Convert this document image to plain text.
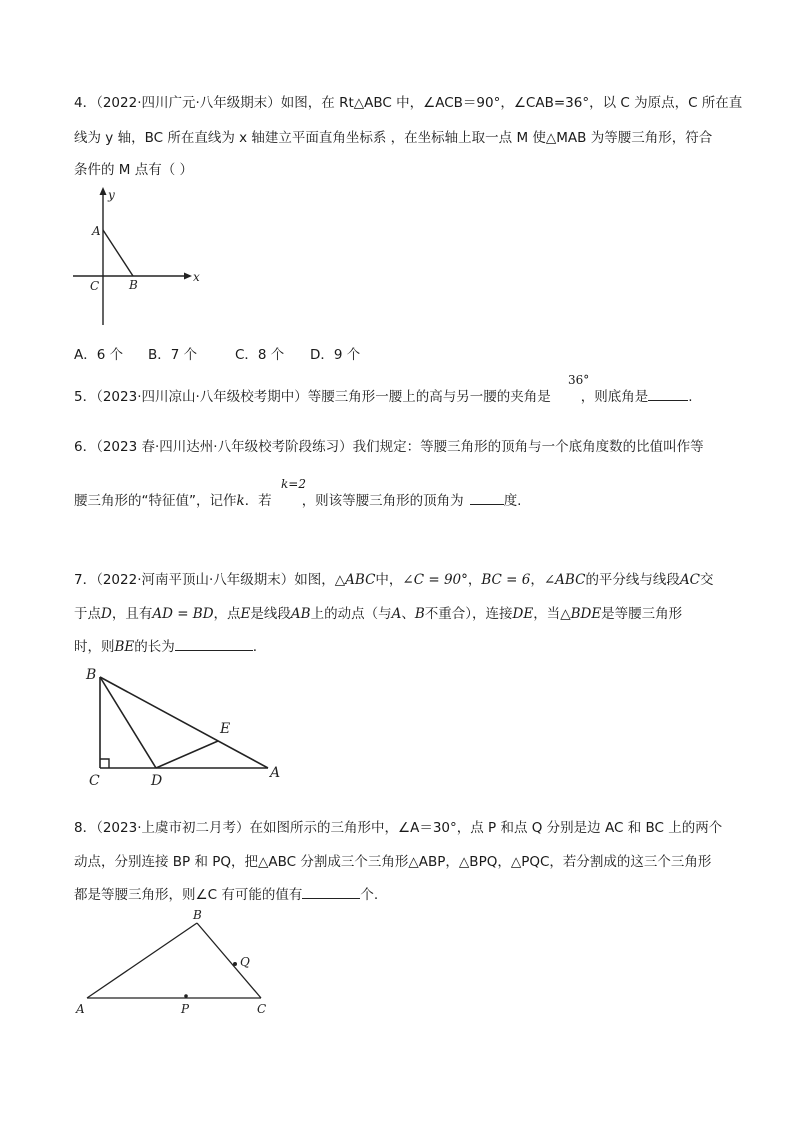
4．（2022·四川广元·八年级期末）如图，在 Rt△ABC 中，∠ACB＝90°，∠CAB=36°，以 C 为原点，C 所在直
线为 y 轴，BC 所在直线为 x 轴建立平面直角坐标系 ，在坐标轴上取一点 M 使△MAB 为等腰三角形，符合
条件的 M 点有（ ）
y
x
A
C B
A．6 个 B．7 个	C．8 个 D．9 个
36°
5．（2023·四川凉山·八年级校考期中）等腰三角形一腰上的高与另一腰的夹角是 ，则底角是	.
6．（2023 春·四川达州·八年级校考阶段练习）我们规定：等腰三角形的顶角与一个底角度数的比值叫作等
k=2
腰三角形的“特征值”，记作k．若 ，则该等腰三角形的顶角为	度.
7．（2022·河南平顶山·八年级期末）如图，△ABC中，∠C = 90°，BC = 6，∠ABC的平分线与线段AC交
于点D，且有AD = BD，点E是线段AB上的动点（与A、B不重合），连接DE，当△BDE是等腰三角形
时，则BE的长为	.
B
C	D
E
A
8．（2023·上虞市初二月考）在如图所示的三角形中，∠A＝30°，点 P 和点 Q 分别是边 AC 和 BC 上的两个
动点，分别连接 BP 和 PQ，把△ABC 分割成三个三角形△ABP，△BPQ，△PQC，若分割成的这三个三角形
都是等腰三角形，则∠C 有可能的值有	个.
B
Q
A	P	C
